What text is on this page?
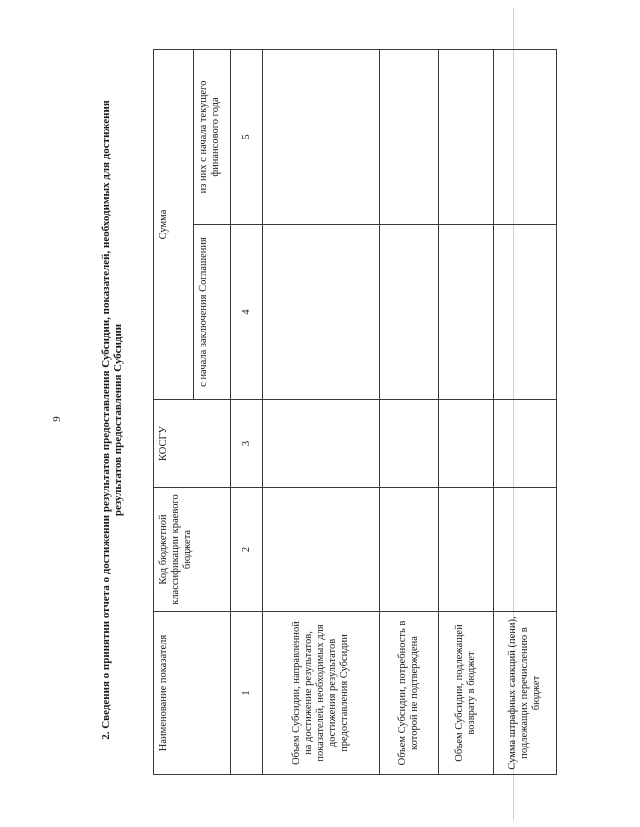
9	2. Сведения о принятии отчета о достижении результатов предоставления Субсидии, показателей, необходимых для достижения
результатов предоставления Субсидии
Наименование показателя	Код бюджетной классификации краевого бюджета	КОСГУ	Сумма	
			с начала заключения Соглашения	из них с начала текущего финансового года
1	2	3	4	5
Объем Субсидии, направленной на достижение результатов, показателей, необходимых для достижения результатов предоставления Субсидии				
Объем Субсидии, потребность в которой не подтверждена				
Объем Субсидии, подлежащей возврату в бюджет				
Сумма штрафных санкций (пени), подлежащих перечислению в бюджет				
